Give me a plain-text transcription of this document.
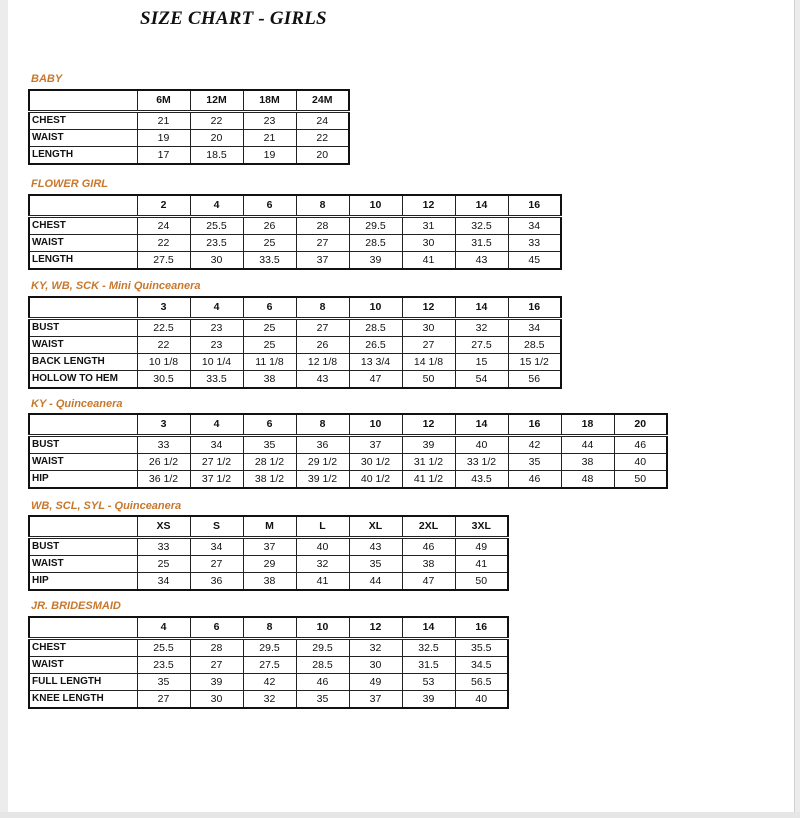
SIZE CHART - GIRLS
BABY
	6M	12M	18M	24M
CHEST	21	22	23	24
WAIST	19	20	21	22
LENGTH	17	18.5	19	20
FLOWER GIRL
	2	4	6	8	10	12	14	16
CHEST	24	25.5	26	28	29.5	31	32.5	34
WAIST	22	23.5	25	27	28.5	30	31.5	33
LENGTH	27.5	30	33.5	37	39	41	43	45
KY, WB, SCK - Mini Quinceanera
	3	4	6	8	10	12	14	16
BUST	22.5	23	25	27	28.5	30	32	34
WAIST	22	23	25	26	26.5	27	27.5	28.5
BACK LENGTH	10 1/8	10 1/4	11 1/8	12 1/8	13 3/4	14 1/8	15	15 1/2
HOLLOW TO HEM	30.5	33.5	38	43	47	50	54	56
KY - Quinceanera
	3	4	6	8	10	12	14	16	18	20
BUST	33	34	35	36	37	39	40	42	44	46
WAIST	26 1/2	27 1/2	28 1/2	29 1/2	30 1/2	31 1/2	33 1/2	35	38	40
HIP	36 1/2	37 1/2	38 1/2	39 1/2	40 1/2	41 1/2	43.5	46	48	50
WB, SCL, SYL - Quinceanera
	XS	S	M	L	XL	2XL	3XL
BUST	33	34	37	40	43	46	49
WAIST	25	27	29	32	35	38	41
HIP	34	36	38	41	44	47	50
JR. BRIDESMAID
	4	6	8	10	12	14	16
CHEST	25.5	28	29.5	29.5	32	32.5	35.5
WAIST	23.5	27	27.5	28.5	30	31.5	34.5
FULL LENGTH	35	39	42	46	49	53	56.5
KNEE LENGTH	27	30	32	35	37	39	40
